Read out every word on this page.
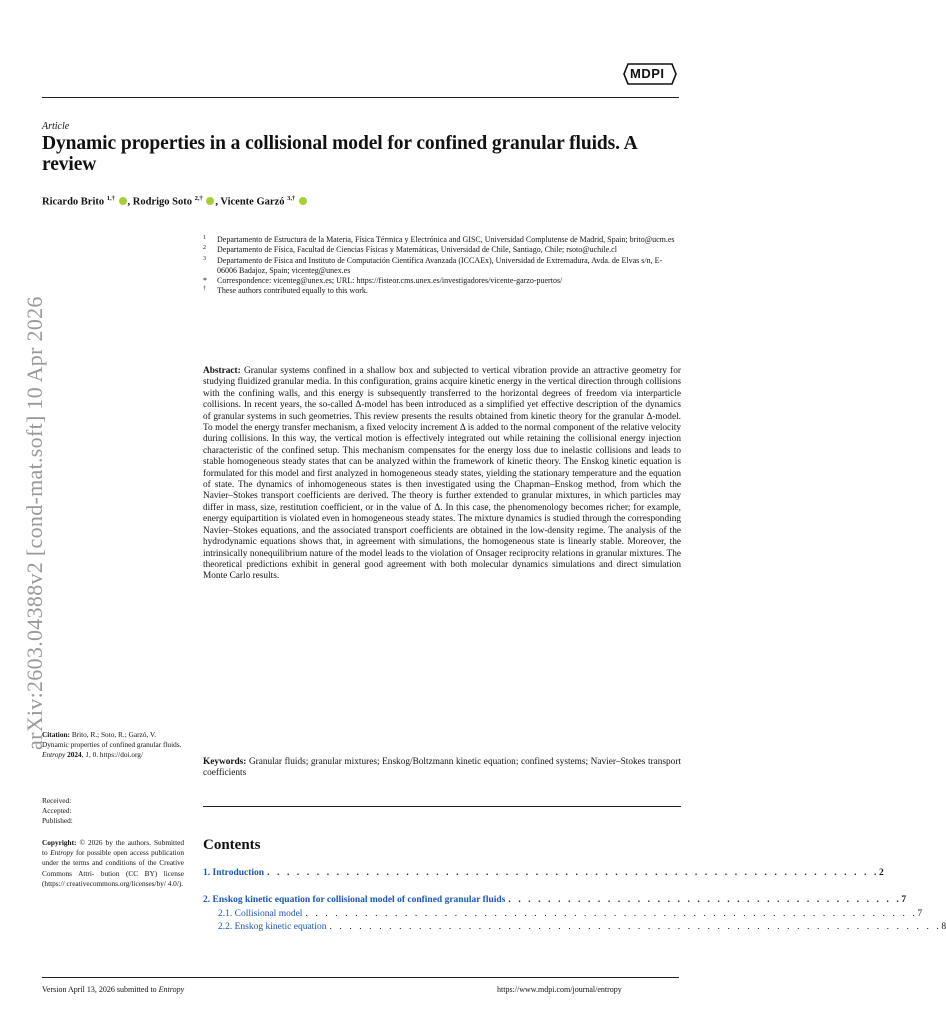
MDPI
Article
Dynamic properties in a collisional model for confined granular fluids. A review
Ricardo Brito $^{1,\dagger}$ , Rodrigo Soto $^{2,\dagger}$ , Vicente Garzó $^{3,\dagger}$
arXiv:2603.04388v2 [cond-mat.soft] 10 Apr 2026
1 Departamento de Estructura de la Materia, Física Térmica y Electrónica and GISC, Universidad Complutense de Madrid, Spain; brito@ucm.es
2 Departamento de Física, Facultad de Ciencias Físicas y Matemáticas, Universidad de Chile, Santiago, Chile; rsoto@uchile.cl
3 Departamento de Física and Instituto de Computación Científica Avanzada (ICCAEx), Universidad de Extremadura, Avda. de Elvas s/n, E-06006 Badajoz, Spain; vicenteg@unex.es
* Correspondence: vicenteg@unex.es; URL: https://fisteor.cms.unex.es/investigadores/vicente-garzo-puertos/
† These authors contributed equally to this work.
Abstract: Granular systems confined in a shallow box and subjected to vertical vibration provide an attractive geometry for studying fluidized granular media. In this configuration, grains acquire kinetic energy in the vertical direction through collisions with the confining walls, and this energy is subsequently transferred to the horizontal degrees of freedom via interparticle collisions. In recent years, the so-called Δ-model has been introduced as a simplified yet effective description of the dynamics of granular systems in such geometries. This review presents the results obtained from kinetic theory for the granular Δ-model. To model the energy transfer mechanism, a fixed velocity increment Δ is added to the normal component of the relative velocity during collisions. In this way, the vertical motion is effectively integrated out while retaining the collisional energy injection characteristic of the confined setup. This mechanism compensates for the energy loss due to inelastic collisions and leads to stable homogeneous steady states that can be analyzed within the framework of kinetic theory. The Enskog kinetic equation is formulated for this model and first analyzed in homogeneous steady states, yielding the stationary temperature and the equation of state. The dynamics of inhomogeneous states is then investigated using the Chapman–Enskog method, from which the Navier–Stokes transport coefficients are derived. The theory is further extended to granular mixtures, in which particles may differ in mass, size, restitution coefficient, or in the value of Δ. In this case, the phenomenology becomes richer; for example, energy equipartition is violated even in homogeneous steady states. The mixture dynamics is studied through the corresponding Navier–Stokes equations, and the associated transport coefficients are obtained in the low-density regime. The analysis of the hydrodynamic equations shows that, in agreement with simulations, the homogeneous state is linearly stable. Moreover, the intrinsically nonequilibrium nature of the model leads to the violation of Onsager reciprocity relations in granular mixtures. The theoretical predictions exhibit in general good agreement with both molecular dynamics simulations and direct simulation Monte Carlo results.
Keywords: Granular fluids; granular mixtures; Enskog/Boltzmann kinetic equation; confined systems; Navier–Stokes transport coefficients
Contents
1. Introduction . . . . . . . . . . . . . . . . . . . . . . . . . . . . . . . . . . . . . . . . . . . . . . . . . . . . . . . . . . . . . . 2
2. Enskog kinetic equation for collisional model of confined granular fluids . . . . . . . . . . . . . . . . . . . . . . . . . . . . . . . . . . . . . . . . 7
2.1. Collisional model . . . . . . . . . . . . . . . . . . . . . . . . . . . . . . . . . . . . . . . . . . . . . . . . . . . . . . . . . . . . . . 7
2.2. Enskog kinetic equation . . . . . . . . . . . . . . . . . . . . . . . . . . . . . . . . . . . . . . . . . . . . . . . . . . . . . . . . . . . . . . 8
Citation: Brito, R.; Soto, R.; Garzó, V. Dynamic properties of confined granular fluids. Entropy 2024, 1, 0. https://doi.org/
Received:
Accepted:
Published:
Copyright: © 2026 by the authors. Submitted to Entropy for possible open access publication under the terms and conditions of the Creative Commons Attri- bution (CC BY) license (https:// creativecommons.org/licenses/by/ 4.0/).
Version April 13, 2026 submitted to Entropy	https://www.mdpi.com/journal/entropy
